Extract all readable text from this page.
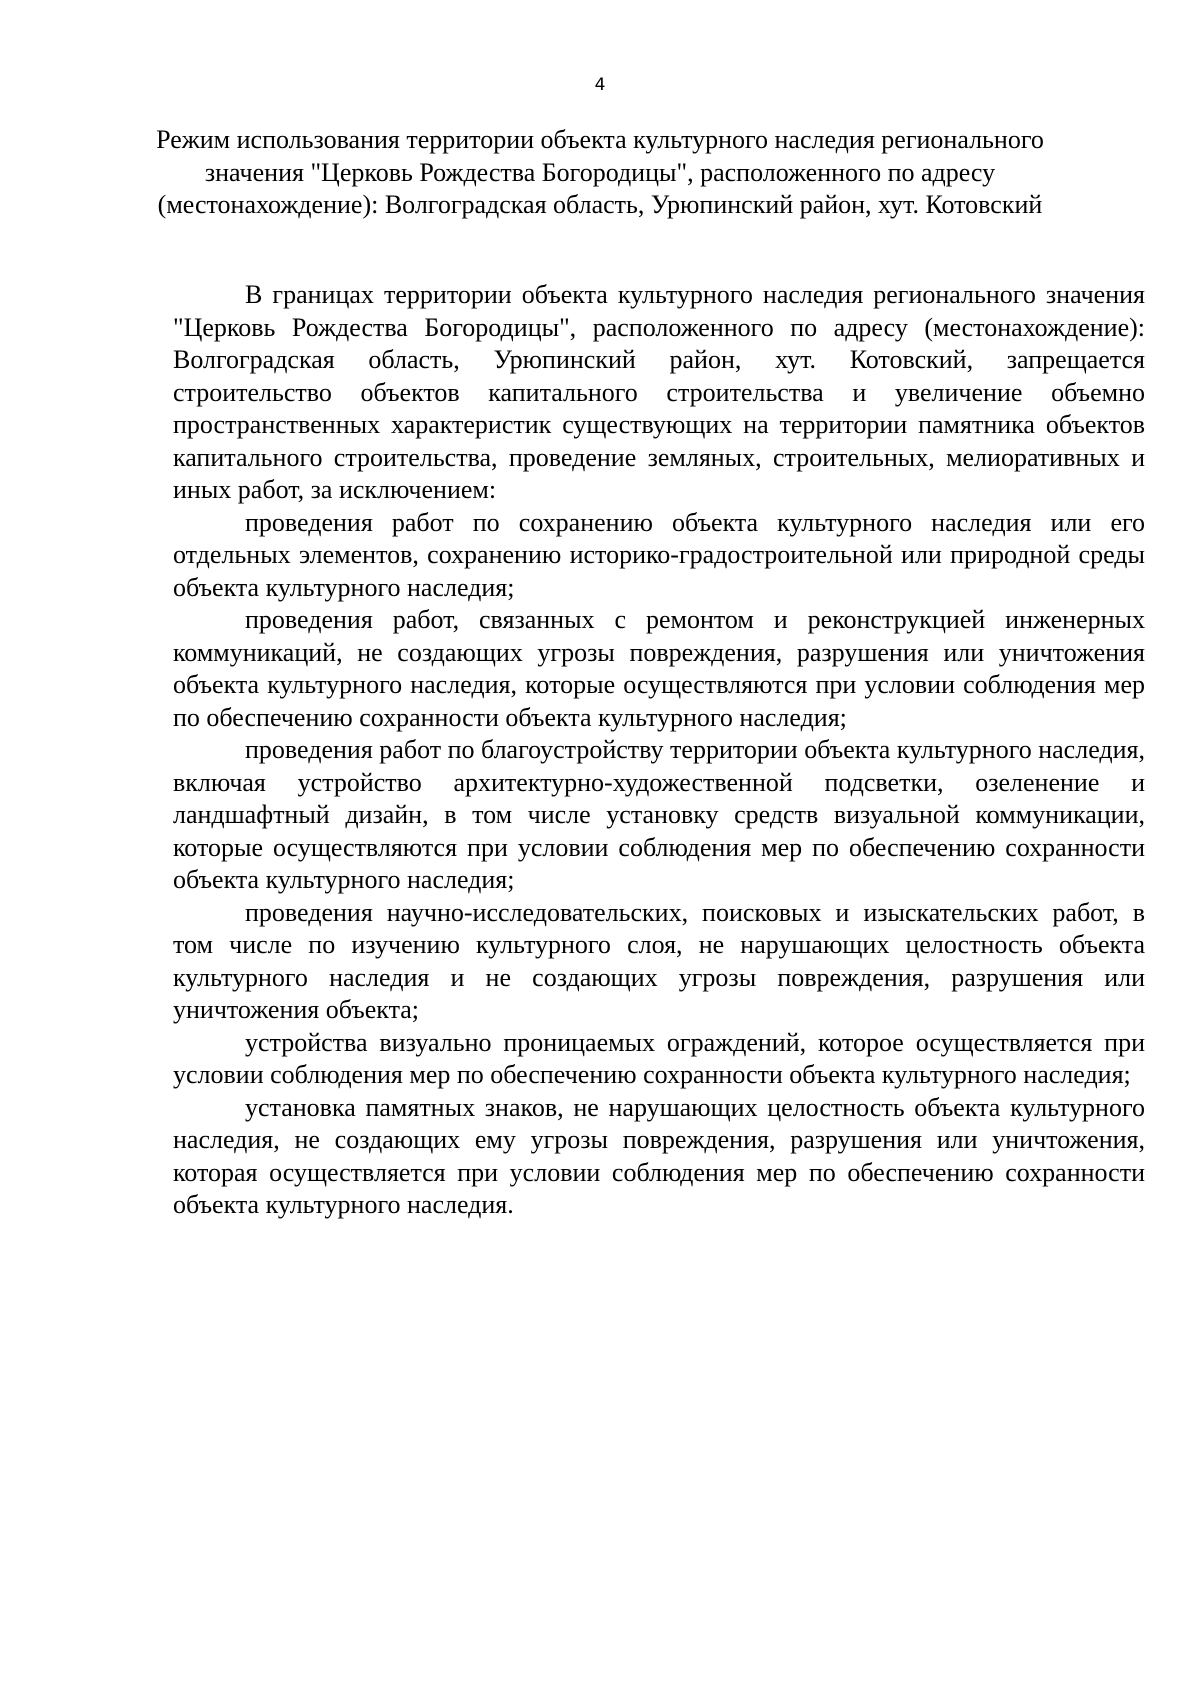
4
Режим использования территории объекта культурного наследия регионального значения "Церковь Рождества Богородицы", расположенного по адресу (местонахождение): Волгоградская область, Урюпинский район, хут. Котовский

В границах территории объекта культурного наследия регионального значения "Церковь Рождества Богородицы", расположенного по адресу (местонахождение): Волгоградская область, Урюпинский район, хут. Котовский, запрещается строительство объектов капитального строительства и увеличение объемно пространственных характеристик существующих на территории памятника объектов капитального строительства, проведение земляных, строительных, мелиоративных и иных работ, за исключением:

проведения работ по сохранению объекта культурного наследия или его отдельных элементов, сохранению историко-градостроительной или природной среды объекта культурного наследия;

проведения работ, связанных с ремонтом и реконструкцией инженерных коммуникаций, не создающих угрозы повреждения, разрушения или уничтожения объекта культурного наследия, которые осуществляются при условии соблюдения мер по обеспечению сохранности объекта культурного наследия;

проведения работ по благоустройству территории объекта культурного наследия, включая устройство архитектурно-художественной подсветки, озеленение и ландшафтный дизайн, в том числе установку средств визуальной коммуникации, которые осуществляются при условии соблюдения мер по обеспечению сохранности объекта культурного наследия;

проведения научно-исследовательских, поисковых и изыскательских работ, в том числе по изучению культурного слоя, не нарушающих целостность объекта культурного наследия и не создающих угрозы повреждения, разрушения или уничтожения объекта;

устройства визуально проницаемых ограждений, которое осуществляется при условии соблюдения мер по обеспечению сохранности объекта культурного наследия;

установка памятных знаков, не нарушающих целостность объекта культурного наследия, не создающих ему угрозы повреждения, разрушения или уничтожения, которая осуществляется при условии соблюдения мер по обеспечению сохранности объекта культурного наследия.
